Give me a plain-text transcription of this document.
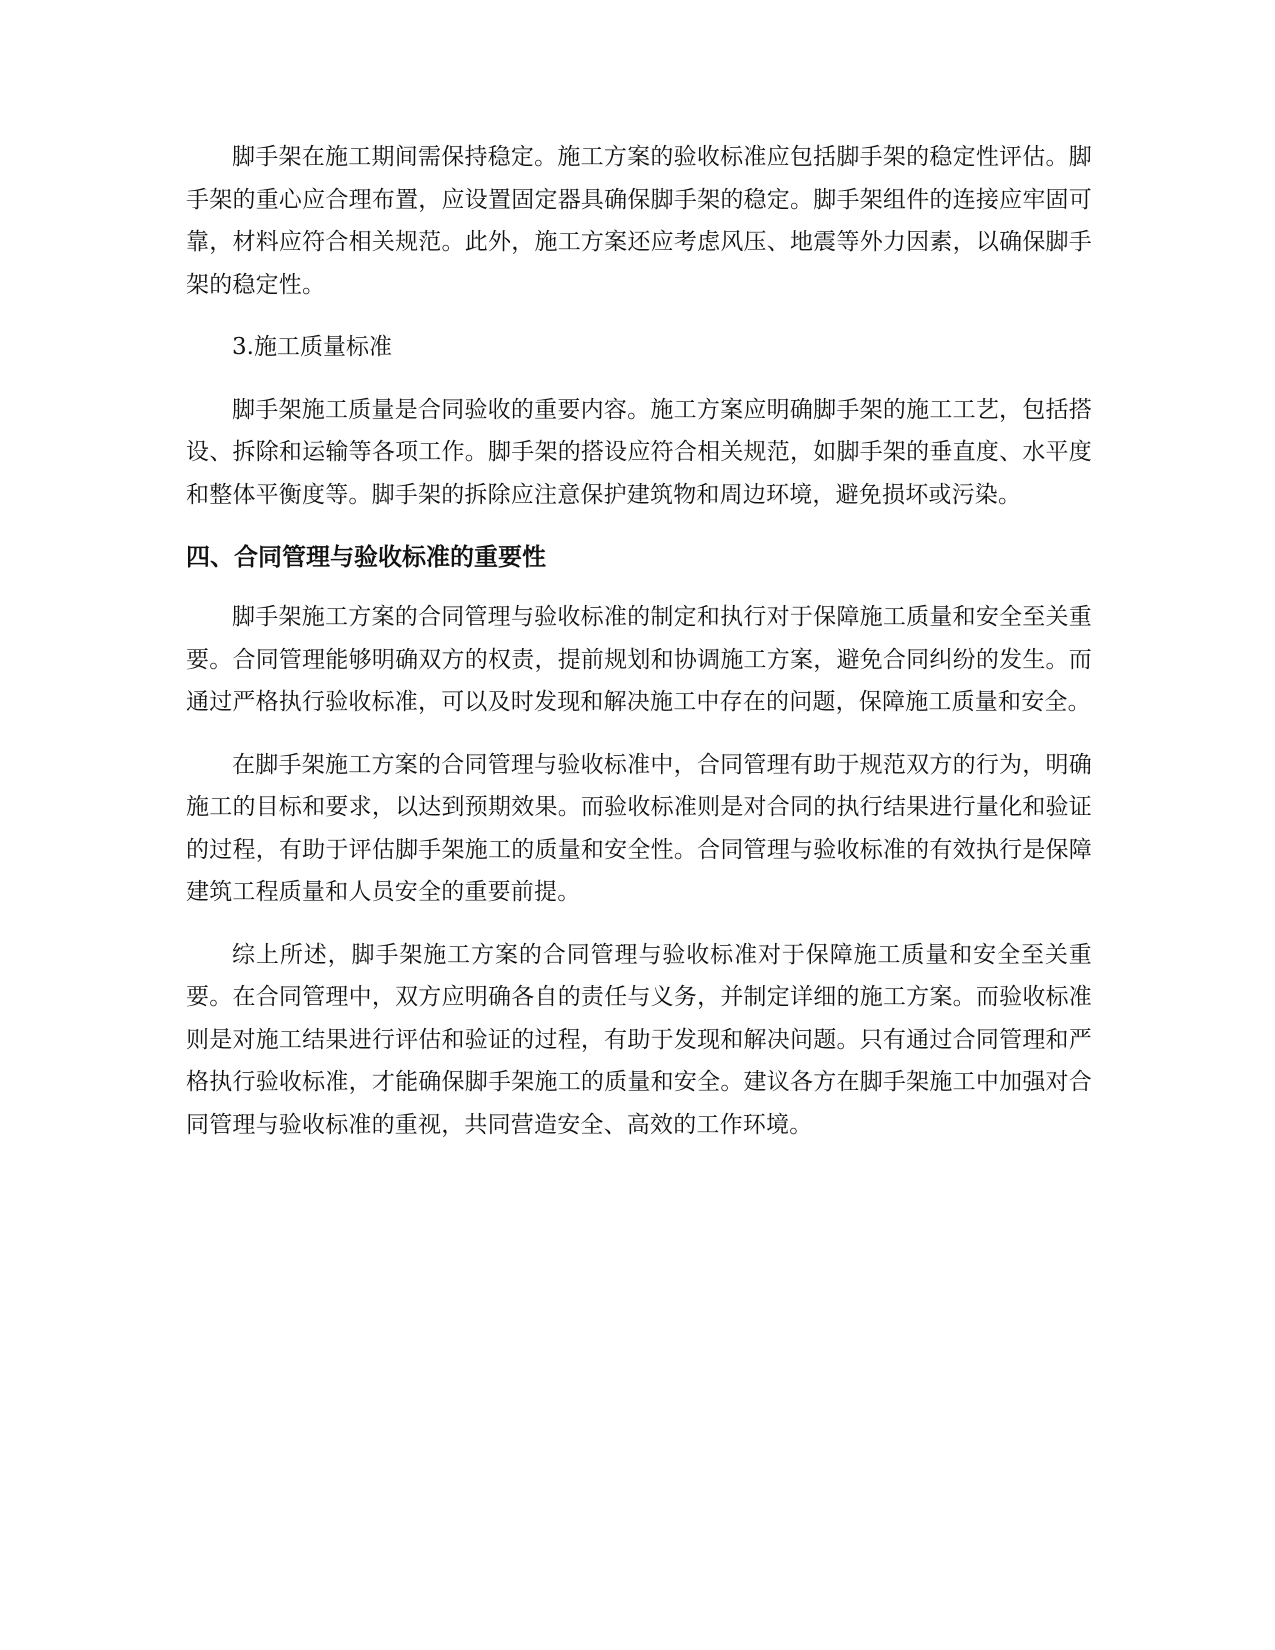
脚手架在施工期间需保持稳定。施工方案的验收标准应包括脚手架的稳定性评估。脚手架的重心应合理布置，应设置固定器具确保脚手架的稳定。脚手架组件的连接应牢固可靠，材料应符合相关规范。此外，施工方案还应考虑风压、地震等外力因素，以确保脚手架的稳定性。

3.施工质量标准

脚手架施工质量是合同验收的重要内容。施工方案应明确脚手架的施工工艺，包括搭设、拆除和运输等各项工作。脚手架的搭设应符合相关规范，如脚手架的垂直度、水平度和整体平衡度等。脚手架的拆除应注意保护建筑物和周边环境，避免损坏或污染。

四、合同管理与验收标准的重要性

脚手架施工方案的合同管理与验收标准的制定和执行对于保障施工质量和安全至关重要。合同管理能够明确双方的权责，提前规划和协调施工方案，避免合同纠纷的发生。而通过严格执行验收标准，可以及时发现和解决施工中存在的问题，保障施工质量和安全。

在脚手架施工方案的合同管理与验收标准中，合同管理有助于规范双方的行为，明确施工的目标和要求，以达到预期效果。而验收标准则是对合同的执行结果进行量化和验证的过程，有助于评估脚手架施工的质量和安全性。合同管理与验收标准的有效执行是保障建筑工程质量和人员安全的重要前提。

综上所述，脚手架施工方案的合同管理与验收标准对于保障施工质量和安全至关重要。在合同管理中，双方应明确各自的责任与义务，并制定详细的施工方案。而验收标准则是对施工结果进行评估和验证的过程，有助于发现和解决问题。只有通过合同管理和严格执行验收标准，才能确保脚手架施工的质量和安全。建议各方在脚手架施工中加强对合同管理与验收标准的重视，共同营造安全、高效的工作环境。
